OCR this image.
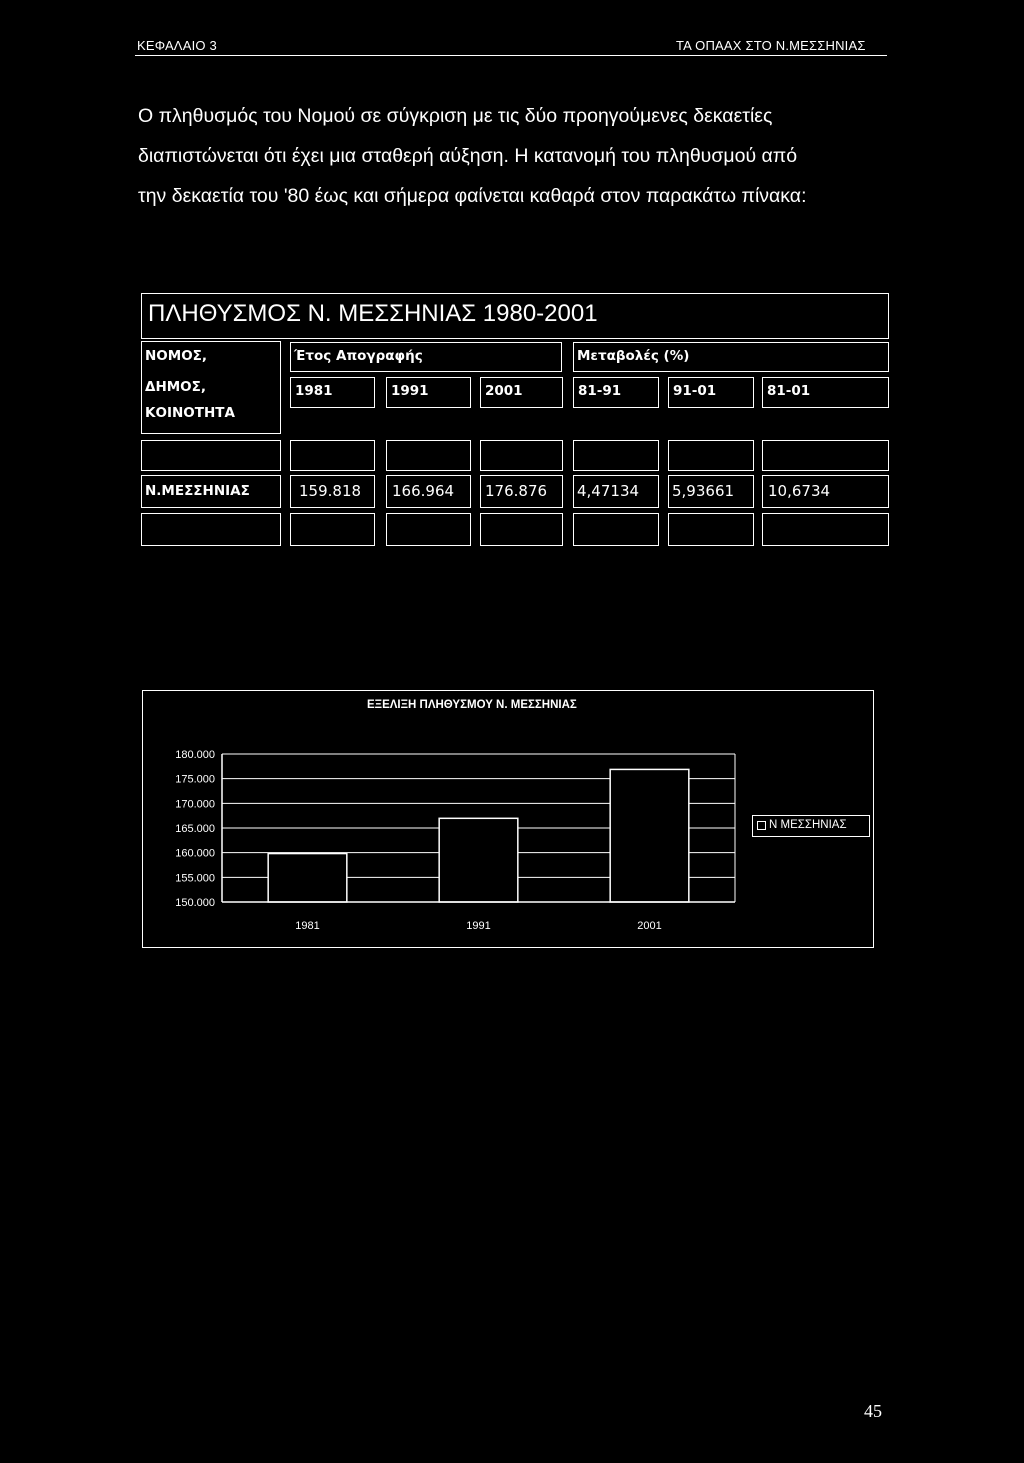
ΚΕΦΑΛΑΙΟ 3	ΤΑ ΟΠΑΑΧ ΣΤΟ Ν.ΜΕΣΣΗΝΙΑΣ
Ο πληθυσμός του Νομού σε σύγκριση με τις δύο προηγούμενες δεκαετίες
διαπιστώνεται ότι έχει μια σταθερή αύξηση. Η κατανομή του πληθυσμού από
την δεκαετία του '80 έως και σήμερα φαίνεται καθαρά στον παρακάτω πίνακα:
ΠΛΗΘΥΣΜΟΣ Ν. ΜΕΣΣΗΝΙΑΣ 1980-2001
ΝΟΜΟΣ,
ΔΗΜΟΣ,
ΚΟΙΝΟΤΗΤΑ
Έτος Απογραφής	Μεταβολές (%)
1981	1991	2001	81-91	91-01	81-01
Ν.ΜΕΣΣΗΝΙΑΣ	159.818 166.964 176.876 4,47134 5,93661 10,6734
ΕΞΕΛΙΞΗ ΠΛΗΘΥΣΜΟΥ Ν. ΜΕΣΣΗΝΙΑΣ
180.000
175.000
170.000
165.000
160.000
155.000
150.000
1981	1991	2001
Ν ΜΕΣΣΗΝΙΑΣ
45
